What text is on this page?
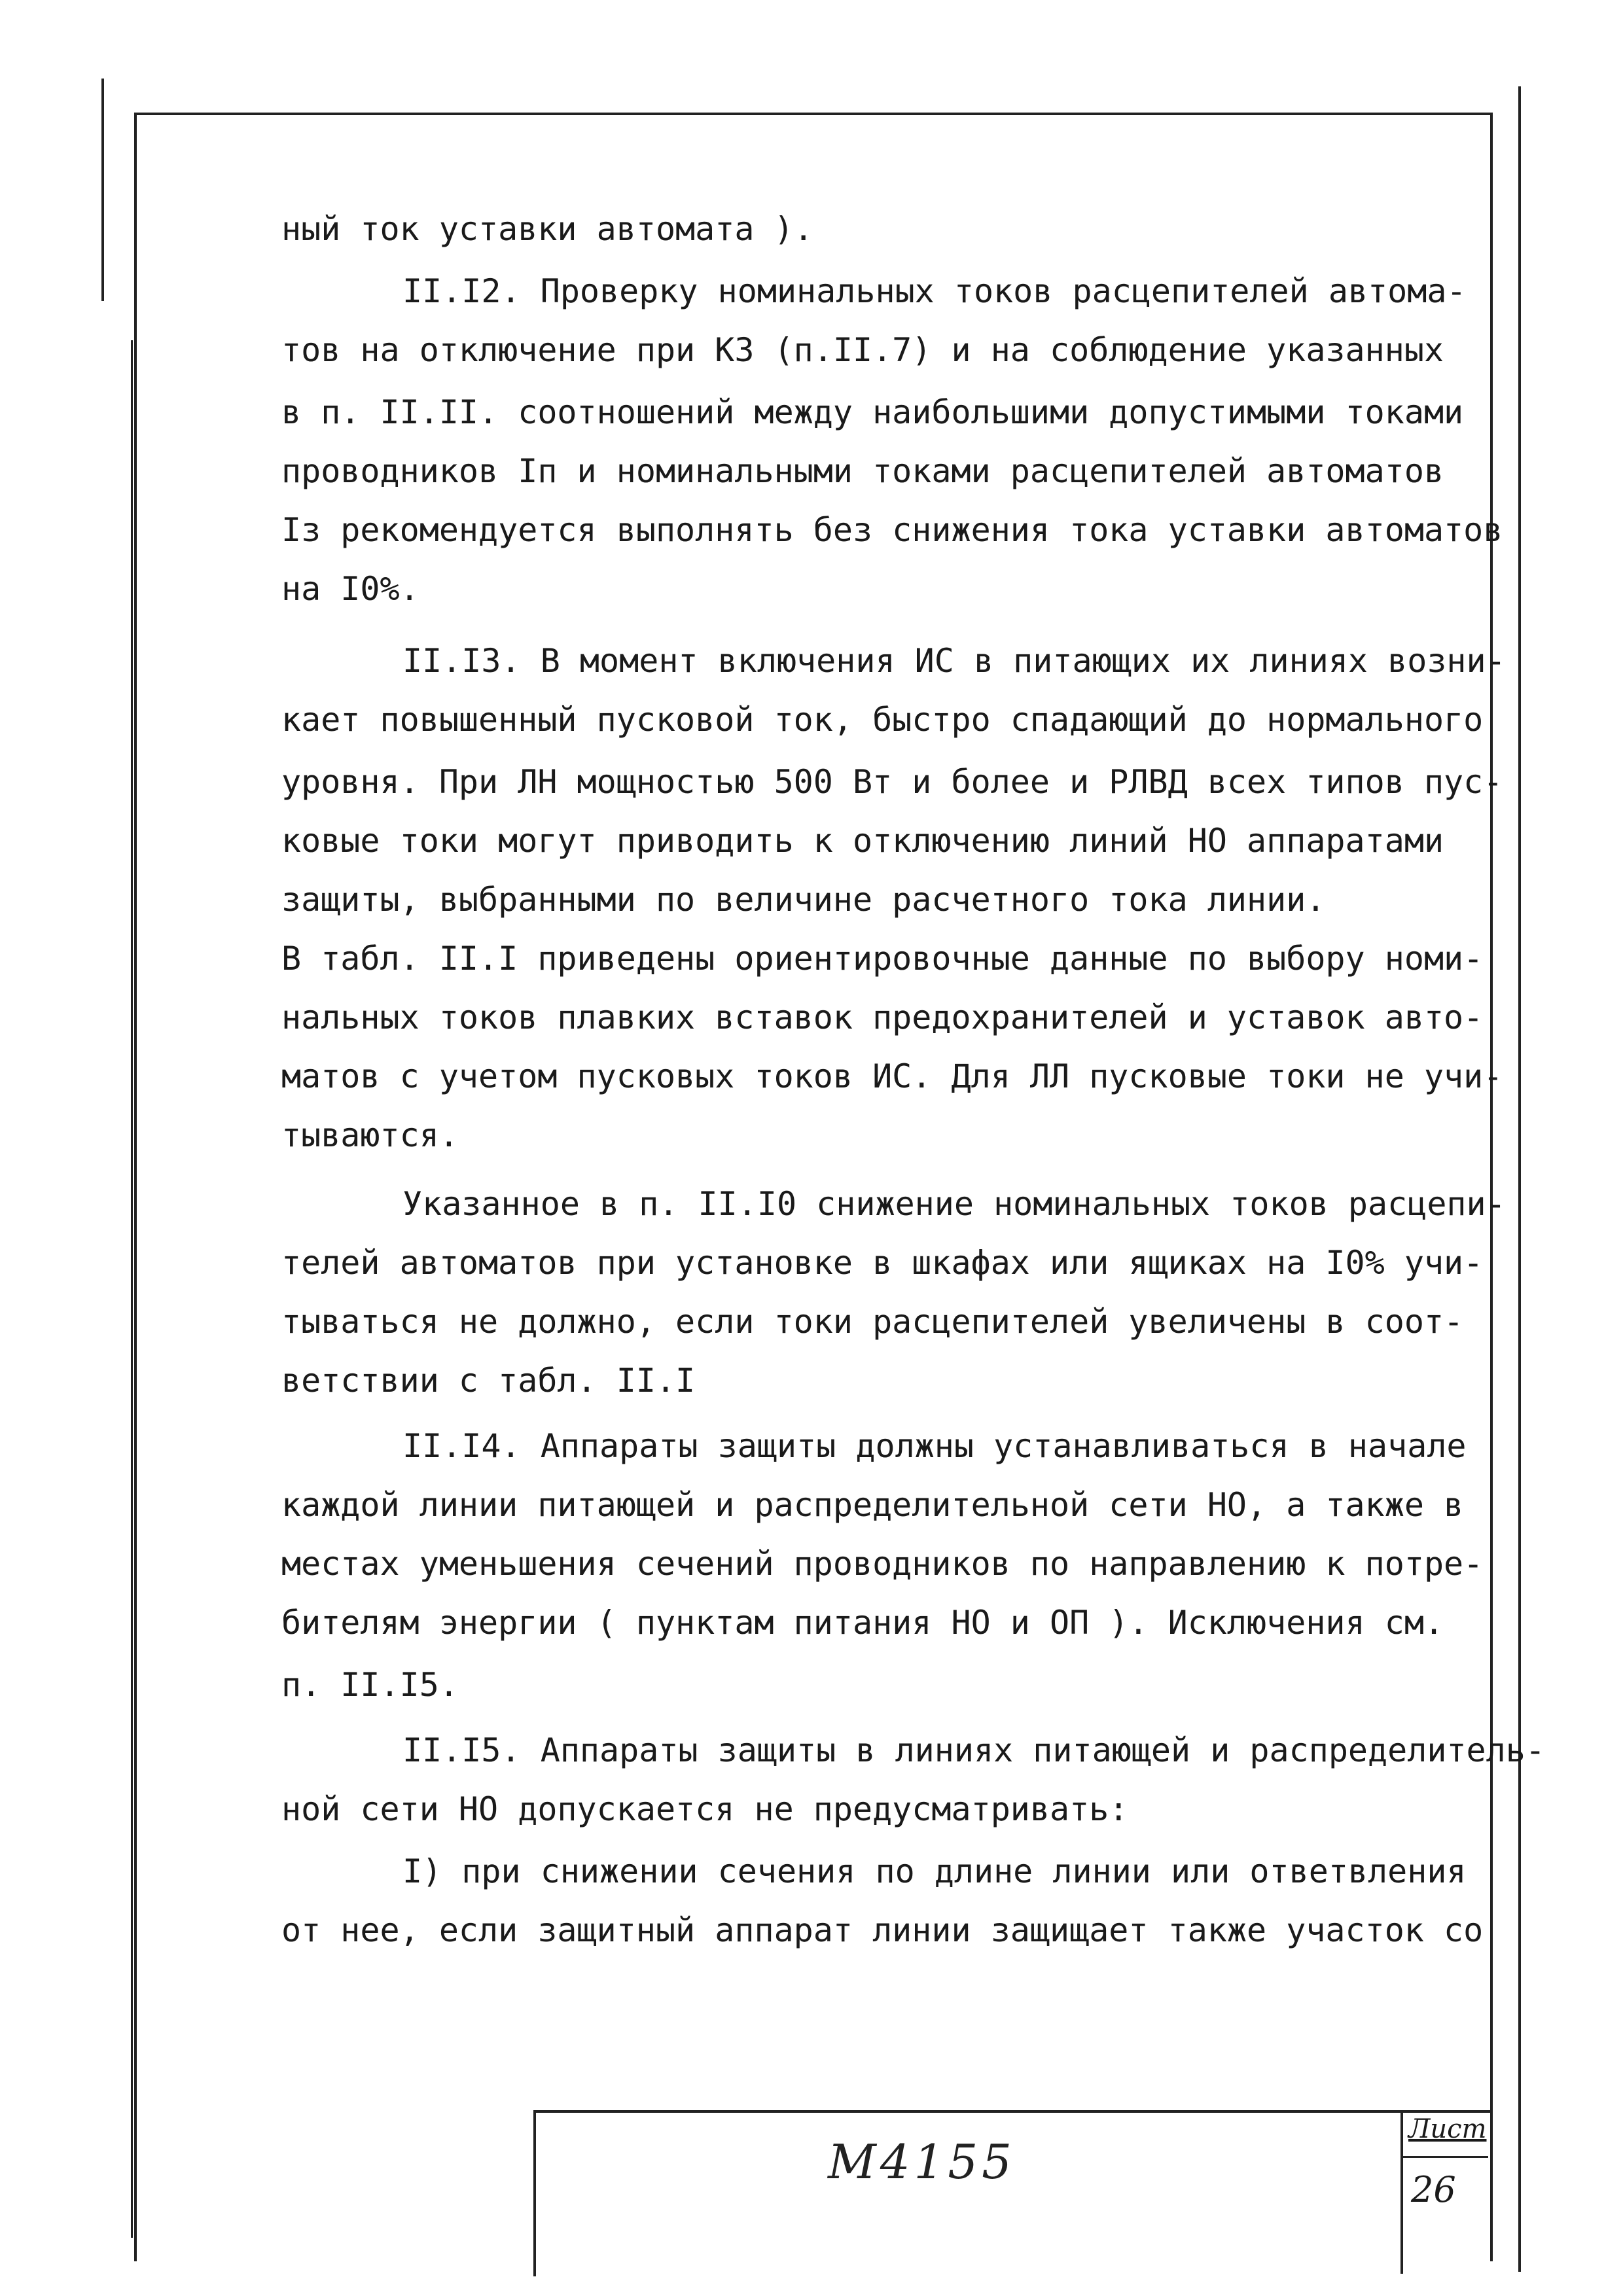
ный ток уставки автомата ).
II.I2. Проверку номинальных токов расцепителей автома-
тов на отключение при КЗ (п.II.7) и на соблюдение указанных
в п. II.II. соотношений между наибольшими допустимыми токами
проводников Iп и номинальными токами расцепителей автоматов
Iз рекомендуется выполнять без снижения тока уставки автоматов
на I0%.
II.I3. В момент включения ИС в питающих их линиях возни-
кает повышенный пусковой ток, быстро спадающий до нормального
уровня. При ЛН мощностью 500 Вт и более и РЛВД всех типов пус-
ковые токи могут приводить к отключению линий НО аппаратами
защиты, выбранными по величине расчетного тока линии.
В табл. II.I приведены ориентировочные данные по выбору номи-
нальных токов плавких вставок предохранителей и уставок авто-
матов с учетом пусковых токов ИС. Для ЛЛ пусковые токи не учи-
тываются.
Указанное в п. II.I0 снижение номинальных токов расцепи-
телей автоматов при установке в шкафах или ящиках на I0% учи-
тываться не должно, если токи расцепителей увеличены в соот-
ветствии с табл. II.I
II.I4. Аппараты защиты должны устанавливаться в начале
каждой линии питающей и распределительной сети НО, а также в
местах уменьшения сечений проводников по направлению к потре-
бителям энергии ( пунктам питания НО и ОП ). Исключения см.
п. II.I5.
II.I5. Аппараты защиты в линиях питающей и распределитель-
ной сети НО допускается не предусматривать:
I) при снижении сечения по длине линии или ответвления
от нее, если защитный аппарат линии защищает также участок со
М4155
Лист
26
